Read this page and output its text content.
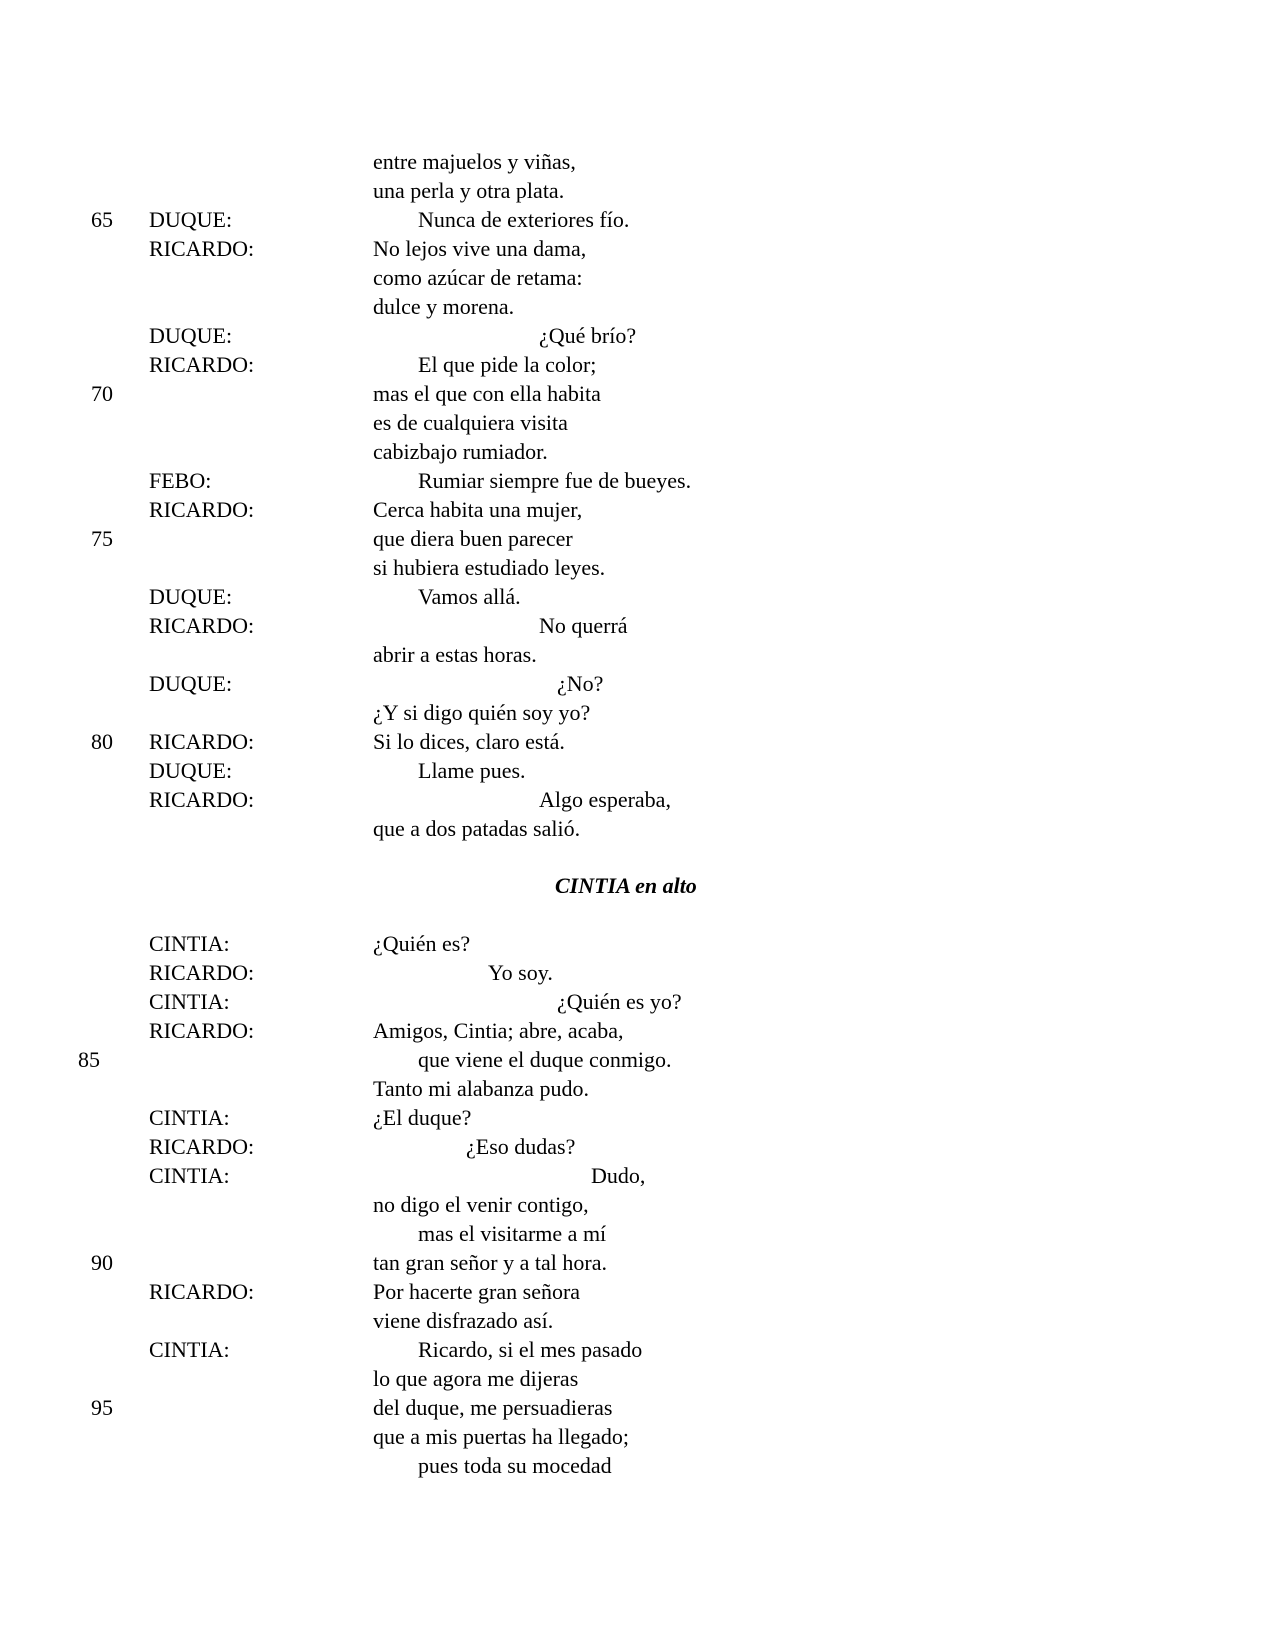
entre majuelos y viñas,
una perla y otra plata.
65 DUQUE:	Nunca de exteriores fío.
RICARDO:	No lejos vive una dama,
como azúcar de retama:
dulce y morena.
DUQUE:	¿Qué brío?
RICARDO:	El que pide la color;
70	mas el que con ella habita
es de cualquiera visita
cabizbajo rumiador.
FEBO:	Rumiar siempre fue de bueyes.
RICARDO:	Cerca habita una mujer,
75	que diera buen parecer
si hubiera estudiado leyes.
DUQUE:	Vamos allá.
RICARDO:	No querrá
abrir a estas horas.
DUQUE:	¿No?
¿Y si digo quién soy yo?
80 RICARDO:	Si lo dices, claro está.
DUQUE:	Llame pues.
RICARDO:	Algo esperaba,
que a dos patadas salió.
CINTIA en alto
CINTIA:	¿Quién es?
RICARDO:	Yo soy.
CINTIA:	¿Quién es yo?
RICARDO:	Amigos, Cintia; abre, acaba,
85	que viene el duque conmigo.
Tanto mi alabanza pudo.
CINTIA:	¿El duque?
RICARDO:	¿Eso dudas?
CINTIA:	Dudo,
no digo el venir contigo,
mas el visitarme a mí
90	tan gran señor y a tal hora.
RICARDO:	Por hacerte gran señora
viene disfrazado así.
CINTIA:	Ricardo, si el mes pasado
lo que agora me dijeras
95	del duque, me persuadieras
que a mis puertas ha llegado;
pues toda su mocedad
